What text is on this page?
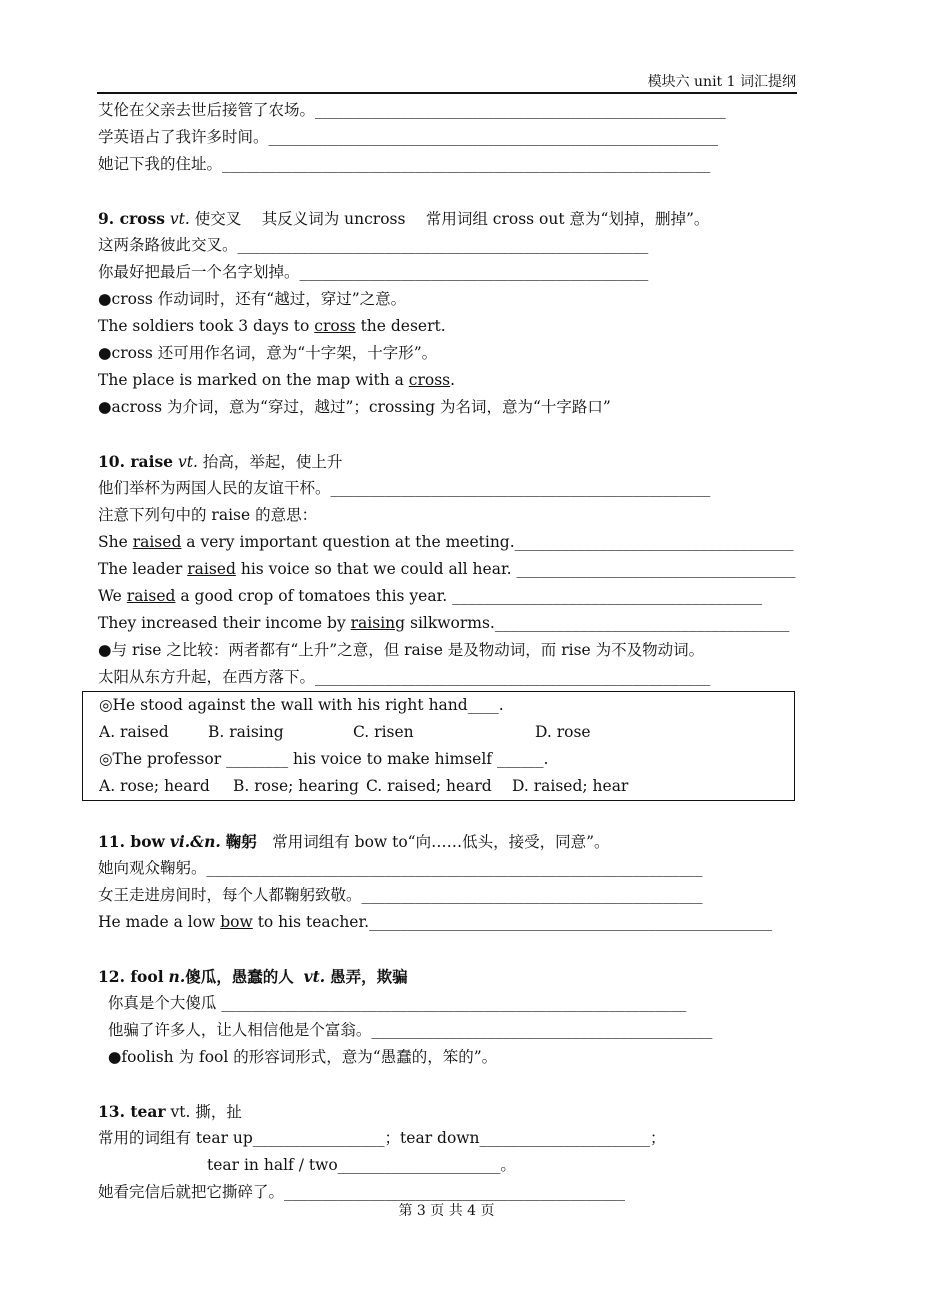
模块六 unit 1 词汇提纲
艾伦在父亲去世后接管了农场。_____________________________________________________
学英语占了我许多时间。__________________________________________________________
她记下我的住址。_______________________________________________________________
9. cross vt. 使交叉　 其反义词为 uncross　 常用词组 cross out 意为“划掉，删掉”。
这两条路彼此交叉。_____________________________________________________
你最好把最后一个名字划掉。_____________________________________________
●cross 作动词时，还有“越过，穿过”之意。
The soldiers took 3 days to cross the desert.
●cross 还可用作名词，意为“十字架，十字形”。
The place is marked on the map with a cross.
●across 为介词，意为“穿过，越过”；crossing 为名词，意为“十字路口”
10. raise vt. 抬高，举起，使上升
他们举杯为两国人民的友谊干杯。_________________________________________________
注意下列句中的 raise 的意思：
She raised a very important question at the meeting.____________________________________
The leader raised his voice so that we could all hear. ____________________________________
We raised a good crop of tomatoes this year. ________________________________________
They increased their income by raising silkworms.______________________________________
●与 rise 之比较：两者都有“上升”之意，但 raise 是及物动词，而 rise 为不及物动词。
太阳从东方升起，在西方落下。___________________________________________________
◎He stood against the wall with his right hand____.
A. raised	B. raising	C. risen	D. rose
◎The professor ________ his voice to make himself ______.
A. rose; heard	B. rose; hearing C. raised; heard	D. raised; hear
11. bow vi.&n. 鞠躬　常用词组有 bow to“向……低头，接受，同意”。
她向观众鞠躬。________________________________________________________________
女王走进房间时，每个人都鞠躬致敬。____________________________________________
He made a low bow to his teacher.____________________________________________________
12. fool n.傻瓜，愚蠢的人 vt. 愚弄，欺骗
你真是个大傻瓜 ____________________________________________________________
他骗了许多人，让人相信他是个富翁。____________________________________________
●foolish 为 fool 的形容词形式，意为“愚蠢的，笨的”。
13. tear vt. 撕，扯
常用的词组有 tear up_________________；tear down______________________；
tear in half / two_____________________。
她看完信后就把它撕碎了。____________________________________________
第 3 页 共 4 页
